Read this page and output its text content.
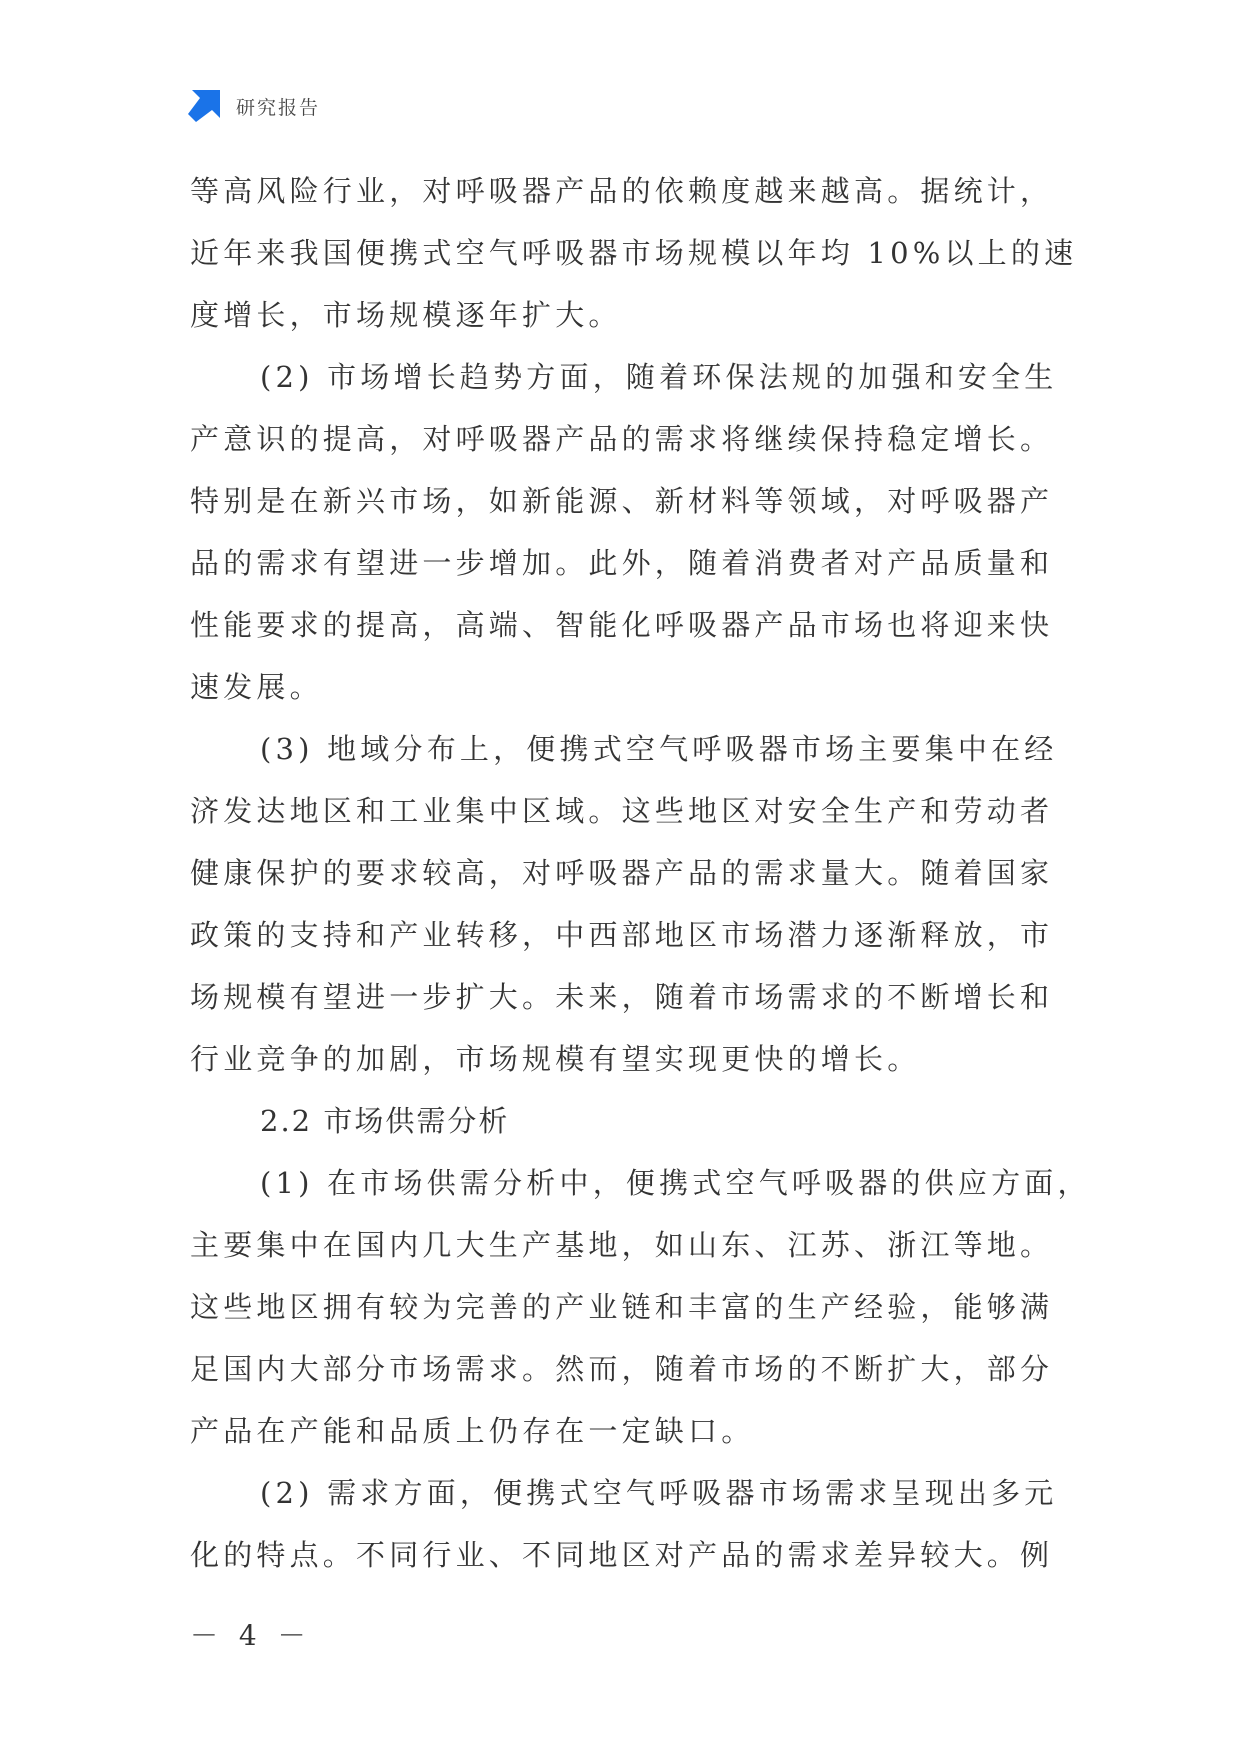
研究报告
等高风险行业，对呼吸器产品的依赖度越来越高。据统计，
近年来我国便携式空气呼吸器市场规模以年均 10%以上的速
度增长，市场规模逐年扩大。
(2) 市场增长趋势方面，随着环保法规的加强和安全生
产意识的提高，对呼吸器产品的需求将继续保持稳定增长。
特别是在新兴市场，如新能源、新材料等领域，对呼吸器产
品的需求有望进一步增加。此外，随着消费者对产品质量和
性能要求的提高，高端、智能化呼吸器产品市场也将迎来快
速发展。
(3) 地域分布上，便携式空气呼吸器市场主要集中在经
济发达地区和工业集中区域。这些地区对安全生产和劳动者
健康保护的要求较高，对呼吸器产品的需求量大。随着国家
政策的支持和产业转移，中西部地区市场潜力逐渐释放，市
场规模有望进一步扩大。未来，随着市场需求的不断增长和
行业竞争的加剧，市场规模有望实现更快的增长。
2.2 市场供需分析
(1) 在市场供需分析中，便携式空气呼吸器的供应方面，
主要集中在国内几大生产基地，如山东、江苏、浙江等地。
这些地区拥有较为完善的产业链和丰富的生产经验，能够满
足国内大部分市场需求。然而，随着市场的不断扩大，部分
产品在产能和品质上仍存在一定缺口。
(2) 需求方面，便携式空气呼吸器市场需求呈现出多元
化的特点。不同行业、不同地区对产品的需求差异较大。例
－ 4 －
